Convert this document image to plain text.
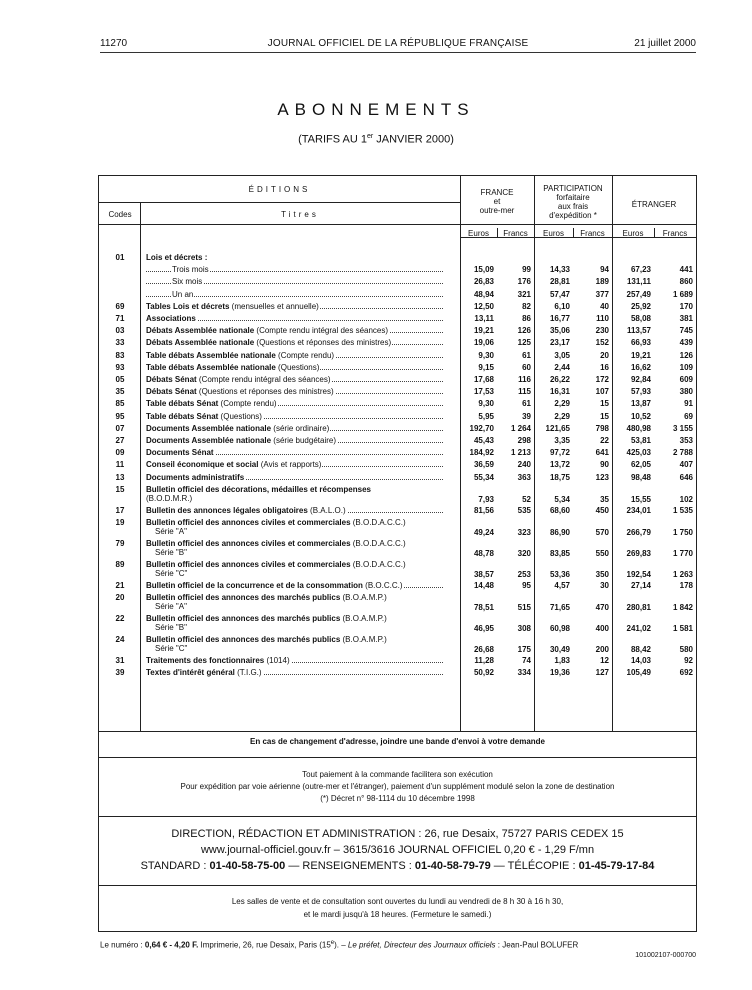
11270	JOURNAL OFFICIEL DE LA RÉPUBLIQUE FRANÇAISE	21 juillet 2000
ABONNEMENTS
(TARIFS AU 1er JANVIER 2000)
ÉDITIONS
Codes	Titres
FRANCE
et
outre-mer
PARTICIPATION
forfaitaire
aux frais
d'expédition *
ÉTRANGER
Euros	Francs	Euros	Francs	Euros	Francs
01	Lois et décrets :
Trois mois	15,09	99	14,33	94	67,23	441
Six mois	26,83	176	28,81	189	131,11	860
Un an	48,94	321	57,47	377	257,49	1 689
69	Tables Lois et décrets (mensuelles et annuelle)	12,50	82	6,10	40	25,92	170
71	Associations	13,11	86	16,77	110	58,08	381
03	Débats Assemblée nationale (Compte rendu intégral des séances)	19,21	126	35,06	230	113,57	745
33	Débats Assemblée nationale (Questions et réponses des ministres)	19,06	125	23,17	152	66,93	439
83	Table débats Assemblée nationale (Compte rendu)	9,30	61	3,05	20	19,21	126
93	Table débats Assemblée nationale (Questions)	9,15	60	2,44	16	16,62	109
05	Débats Sénat (Compte rendu intégral des séances)	17,68	116	26,22	172	92,84	609
35	Débats Sénat (Questions et réponses des ministres)	17,53	115	16,31	107	57,93	380
85	Table débats Sénat (Compte rendu)	9,30	61	2,29	15	13,87	91
95	Table débats Sénat (Questions)	5,95	39	2,29	15	10,52	69
07	Documents Assemblée nationale (série ordinaire)	192,70	1 264	121,65	798	480,98	3 155
27	Documents Assemblée nationale (série budgétaire)	45,43	298	3,35	22	53,81	353
09	Documents Sénat	184,92	1 213	97,72	641	425,03	2 788
11	Conseil économique et social (Avis et rapports)	36,59	240	13,72	90	62,05	407
13	Documents administratifs	55,34	363	18,75	123	98,48	646
15	Bulletin officiel des décorations, médailles et récompenses
(B.O.D.M.R.)	7,93	52	5,34	35	15,55	102
17	Bulletin des annonces légales obligatoires (B.A.L.O.)	81,56	535	68,60	450	234,01	1 535
19	Bulletin officiel des annonces civiles et commerciales (B.O.D.A.C.C.)
Série "A"	49,24	323	86,90	570	266,79	1 750
79	Bulletin officiel des annonces civiles et commerciales (B.O.D.A.C.C.)
Série "B"	48,78	320	83,85	550	269,83	1 770
89	Bulletin officiel des annonces civiles et commerciales (B.O.D.A.C.C.)
Série "C"	38,57	253	53,36	350	192,54	1 263
21	Bulletin officiel de la concurrence et de la consommation (B.O.C.C.)	14,48	95	4,57	30	27,14	178
20	Bulletin officiel des annonces des marchés publics (B.O.A.M.P.)
Série "A"	78,51	515	71,65	470	280,81	1 842
22	Bulletin officiel des annonces des marchés publics (B.O.A.M.P.)
Série "B"	46,95	308	60,98	400	241,02	1 581
24	Bulletin officiel des annonces des marchés publics (B.O.A.M.P.)
Série "C"	26,68	175	30,49	200	88,42	580
31	Traitements des fonctionnaires (1014)	11,28	74	1,83	12	14,03	92
39	Textes d'intérêt général (T.I.G.)	50,92	334	19,36	127	105,49	692
En cas de changement d'adresse, joindre une bande d'envoi à votre demande
Tout paiement à la commande facilitera son exécution
Pour expédition par voie aérienne (outre-mer et l'étranger), paiement d'un supplément modulé selon la zone de destination
(*) Décret n° 98-1114 du 10 décembre 1998
DIRECTION, RÉDACTION ET ADMINISTRATION : 26, rue Desaix, 75727 PARIS CEDEX 15
www.journal-officiel.gouv.fr – 3615/3616 JOURNAL OFFICIEL 0,20 € - 1,29 F/mn
STANDARD : 01-40-58-75-00 — RENSEIGNEMENTS : 01-40-58-79-79 — TÉLÉCOPIE : 01-45-79-17-84
Les salles de vente et de consultation sont ouvertes du lundi au vendredi de 8 h 30 à 16 h 30,
et le mardi jusqu'à 18 heures. (Fermeture le samedi.)
Le numéro : 0,64 € - 4,20 F. Imprimerie, 26, rue Desaix, Paris (15e). – Le préfet, Directeur des Journaux officiels : Jean-Paul BOLUFER
101002107-000700
